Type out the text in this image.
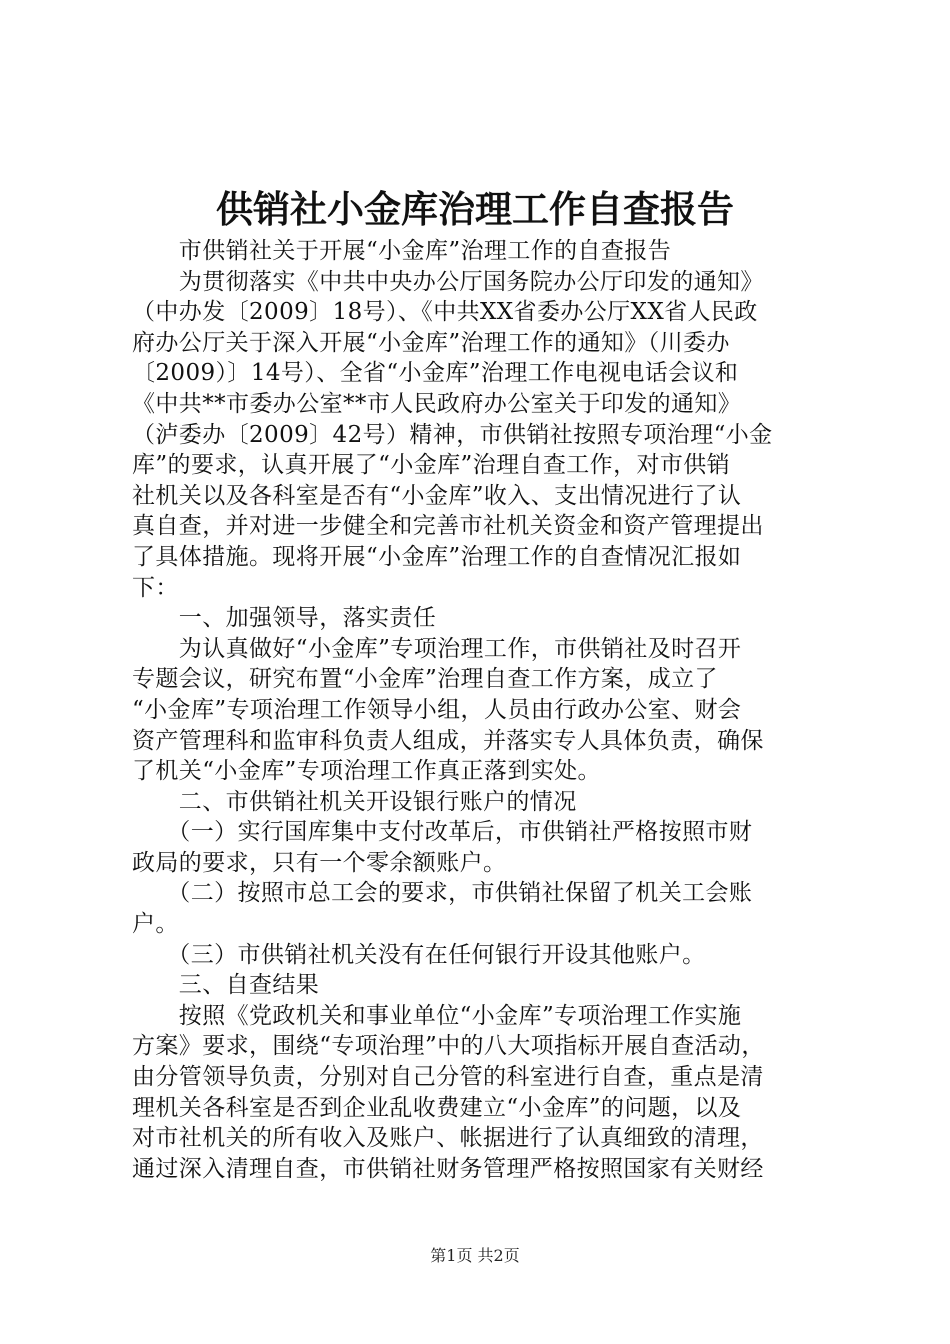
供销社小金库治理工作自查报告
　　市供销社关于开展“小金库”治理工作的自查报告
　　为贯彻落实《中共中央办公厅国务院办公厅印发的通知》
（中办发〔2009〕18号）、《中共XX省委办公厅XX省人民政
府办公厅关于深入开展“小金库”治理工作的通知》（川委办
〔2009）〕14号）、全省“小金库”治理工作电视电话会议和
《中共**市委办公室**市人民政府办公室关于印发的通知》
（泸委办〔2009〕42号）精神，市供销社按照专项治理“小金
库”的要求，认真开展了“小金库”治理自查工作，对市供销
社机关以及各科室是否有“小金库”收入、支出情况进行了认
真自查，并对进一步健全和完善市社机关资金和资产管理提出
了具体措施。现将开展“小金库”治理工作的自查情况汇报如
下：
　　一、加强领导，落实责任
　　为认真做好“小金库”专项治理工作，市供销社及时召开
专题会议，研究布置“小金库”治理自查工作方案，成立了
“小金库”专项治理工作领导小组，人员由行政办公室、财会
资产管理科和监审科负责人组成，并落实专人具体负责，确保
了机关“小金库”专项治理工作真正落到实处。
　　二、市供销社机关开设银行账户的情况
　　（一）实行国库集中支付改革后，市供销社严格按照市财
政局的要求，只有一个零余额账户。
　　（二）按照市总工会的要求，市供销社保留了机关工会账
户。
　　（三）市供销社机关没有在任何银行开设其他账户。
　　三、自查结果
　　按照《党政机关和事业单位“小金库”专项治理工作实施
方案》要求，围绕“专项治理”中的八大项指标开展自查活动，
由分管领导负责，分别对自己分管的科室进行自查，重点是清
理机关各科室是否到企业乱收费建立“小金库”的问题，以及
对市社机关的所有收入及账户、帐据进行了认真细致的清理，
通过深入清理自查，市供销社财务管理严格按照国家有关财经
第1页 共2页
